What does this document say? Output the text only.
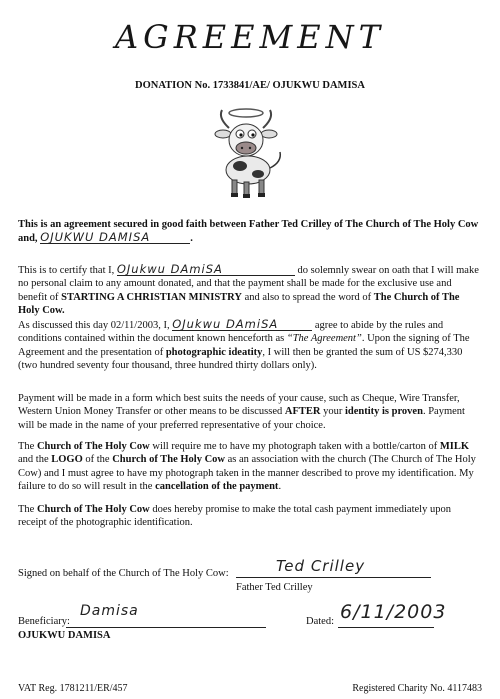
AGREEMENT
DONATION No. 1733841/AE/ OJUKWU DAMISA

This is an agreement secured in good faith between Father Ted Crilley of The Church of The Holy Cow and, OJUKWU DAMISA	.

This is to certify that I, OJukwu DAmiSA	do solemnly swear on oath that I will make no personal claim to any amount donated, and that the payment shall be made for the exclusive use and benefit of STARTING A CHRISTIAN MINISTRY and also to spread the word of The Church of The Holy Cow.

As discussed this day 02/11/2003, I, OJukwu DAmiSA	agree to abide by the rules and conditions contained within the document known henceforth as “The Agreement”. Upon the signing of The Agreement and the presentation of photographic ideatity, I will then be granted the sum of US $274,330 (two hundred seventy four thousand, three hundred thirty dollars only).

Payment will be made in a form which best suits the needs of your cause, such as Cheque, Wire Transfer, Western Union Money Transfer or other means to be discussed AFTER your identity is proven. Payment will be made in the name of your preferred representative of your choice.

The Church of The Holy Cow will require me to have my photograph taken with a bottle/carton of MILK and the LOGO of the Church of The Holy Cow as an association with the church (The Church of The Holy Cow) and I must agree to have my photograph taken in the manner described to prove my identification. My failure to do so will result in the cancellation of the payment.

The Church of The Holy Cow does hereby promise to make the total cash payment immediately upon receipt of the photographic identification.

Signed on behalf of the Church of The Holy Cow:	Ted Crilley
Father Ted Crilley
Beneficiary:
Damisa
OJUKWU DAMISA
Dated: 6/11/2003
VAT Reg. 1781211/ER/457	Registered Charity No. 4117483
